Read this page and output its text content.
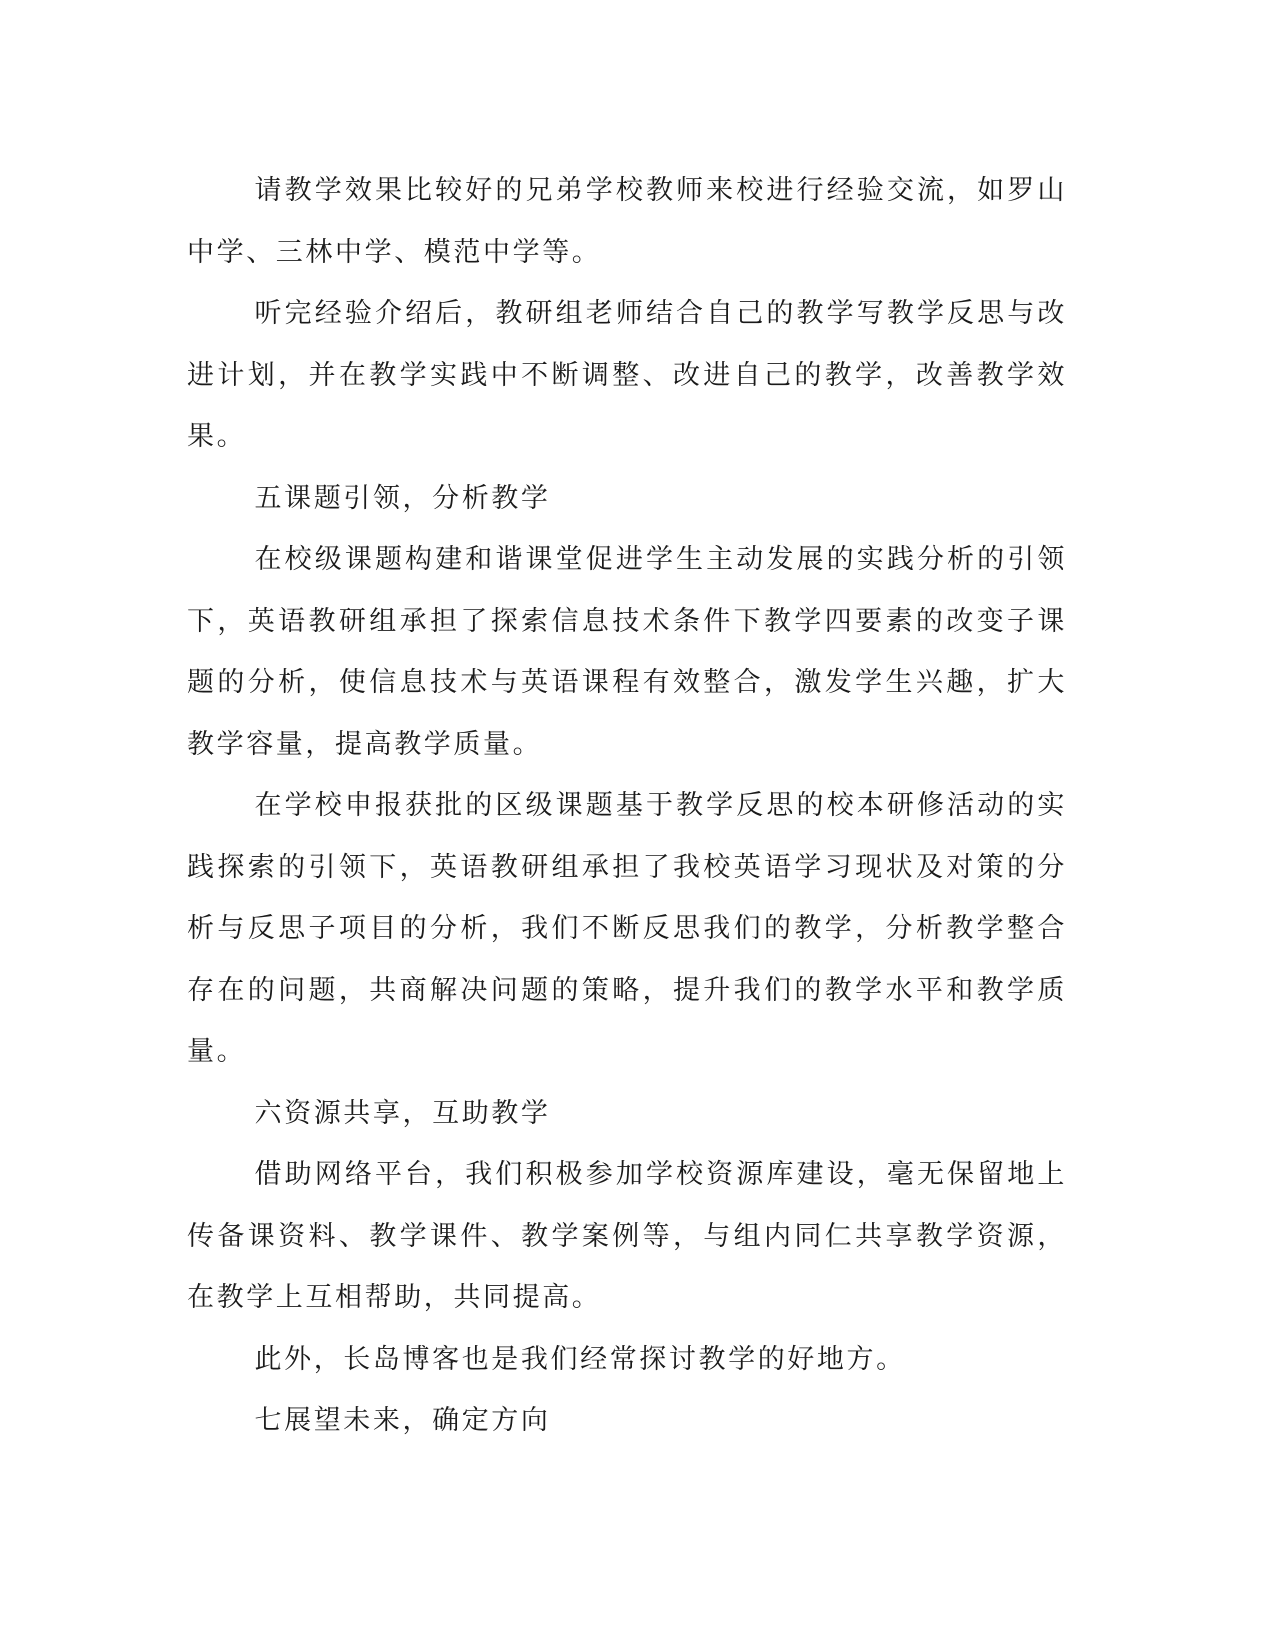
请教学效果比较好的兄弟学校教师来校进行经验交流，如罗山中学、三林中学、模范中学等。

听完经验介绍后，教研组老师结合自己的教学写教学反思与改进计划，并在教学实践中不断调整、改进自己的教学，改善教学效果。

五课题引领，分析教学

在校级课题构建和谐课堂促进学生主动发展的实践分析的引领下，英语教研组承担了探索信息技术条件下教学四要素的改变子课题的分析，使信息技术与英语课程有效整合，激发学生兴趣，扩大教学容量，提高教学质量。

在学校申报获批的区级课题基于教学反思的校本研修活动的实践探索的引领下，英语教研组承担了我校英语学习现状及对策的分析与反思子项目的分析，我们不断反思我们的教学，分析教学整合存在的问题，共商解决问题的策略，提升我们的教学水平和教学质量。

六资源共享，互助教学

借助网络平台，我们积极参加学校资源库建设，毫无保留地上传备课资料、教学课件、教学案例等，与组内同仁共享教学资源，在教学上互相帮助，共同提高。

此外，长岛博客也是我们经常探讨教学的好地方。

七展望未来，确定方向
